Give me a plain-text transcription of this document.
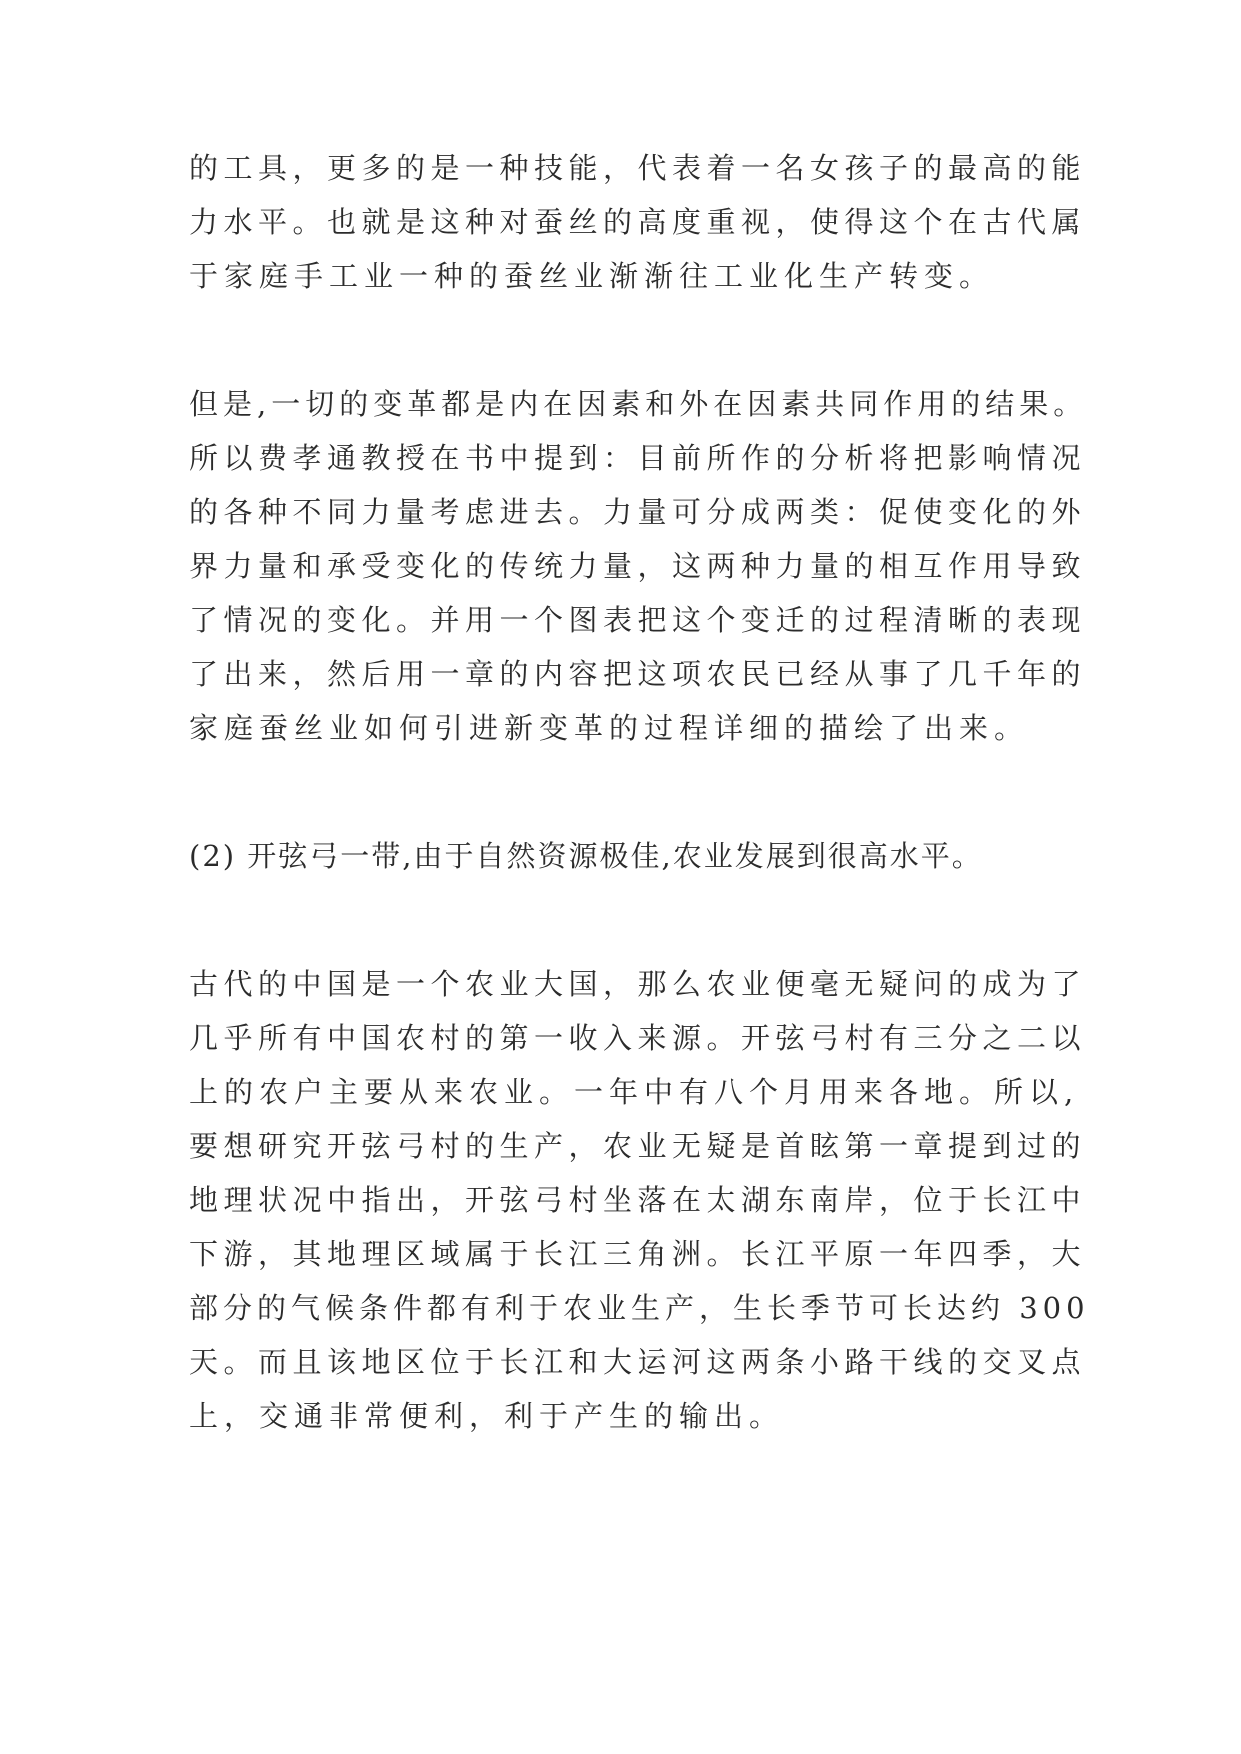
的工具，更多的是一种技能，代表着一名女孩子的最高的能
力水平。也就是这种对蚕丝的高度重视，使得这个在古代属
于家庭手工业一种的蚕丝业渐渐往工业化生产转变。
但是,一切的变革都是内在因素和外在因素共同作用的结果。
所以费孝通教授在书中提到：目前所作的分析将把影响情况
的各种不同力量考虑进去。力量可分成两类：促使变化的外
界力量和承受变化的传统力量，这两种力量的相互作用导致
了情况的变化。并用一个图表把这个变迁的过程清晰的表现
了出来，然后用一章的内容把这项农民已经从事了几千年的
家庭蚕丝业如何引进新变革的过程详细的描绘了出来。
(2) 开弦弓一带,由于自然资源极佳,农业发展到很高水平。
古代的中国是一个农业大国，那么农业便毫无疑问的成为了
几乎所有中国农村的第一收入来源。开弦弓村有三分之二以
上的农户主要从来农业。一年中有八个月用来各地。所以,
要想研究开弦弓村的生产，农业无疑是首眩第一章提到过的
地理状况中指出，开弦弓村坐落在太湖东南岸，位于长江中
下游，其地理区域属于长江三角洲。长江平原一年四季，大
部分的气候条件都有利于农业生产，生长季节可长达约 300
天。而且该地区位于长江和大运河这两条小路干线的交叉点
上，交通非常便利，利于产生的输出。
